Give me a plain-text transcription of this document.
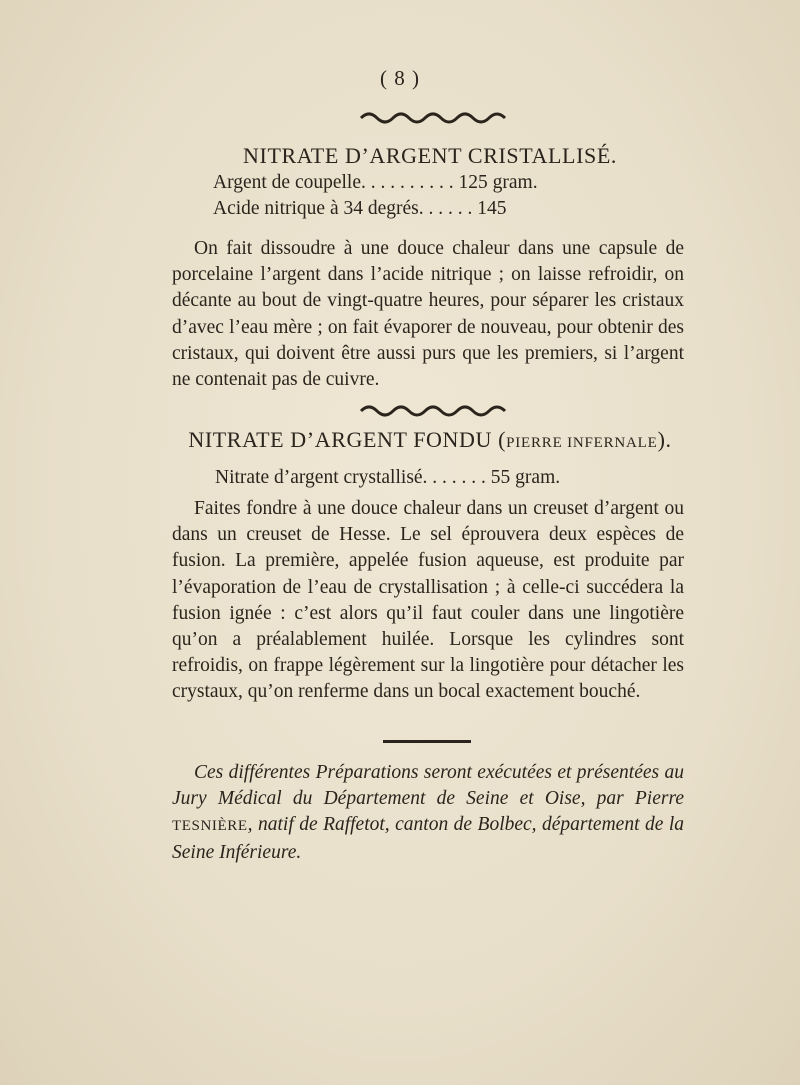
( 8 )
NITRATE D’ARGENT CRISTALLISÉ.
Argent de coupelle. . . . . . . . . . 125 gram.
Acide nitrique à 34 degrés. . . . . . 145
On fait dissoudre à une douce chaleur dans une capsule de porcelaine l’argent dans l’acide nitrique ; on laisse refroidir, on décante au bout de vingt-quatre heures, pour séparer les cristaux d’avec l’eau mère ; on fait évaporer de nouveau, pour obtenir des cristaux, qui doivent être aussi purs que les premiers, si l’argent ne contenait pas de cuivre.
NITRATE D’ARGENT FONDU (PIERRE INFERNALE).
Nitrate d’argent crystallisé. . . . . . . 55 gram.
Faites fondre à une douce chaleur dans un creuset d’argent ou dans un creuset de Hesse. Le sel éprouvera deux espèces de fusion. La première, appelée fusion aqueuse, est produite par l’évaporation de l’eau de crystallisation ; à celle-ci succédera la fusion ignée : c’est alors qu’il faut couler dans une lingotière qu’on a préalablement huilée. Lorsque les cylindres sont refroidis, on frappe légèrement sur la lingotière pour détacher les crystaux, qu’on renferme dans un bocal exactement bouché.
Ces différentes Préparations seront exécutées et présentées au Jury Médical du Département de Seine et Oise, par Pierre TESNIÈRE, natif de Raffetot, canton de Bolbec, département de la Seine Inférieure.
